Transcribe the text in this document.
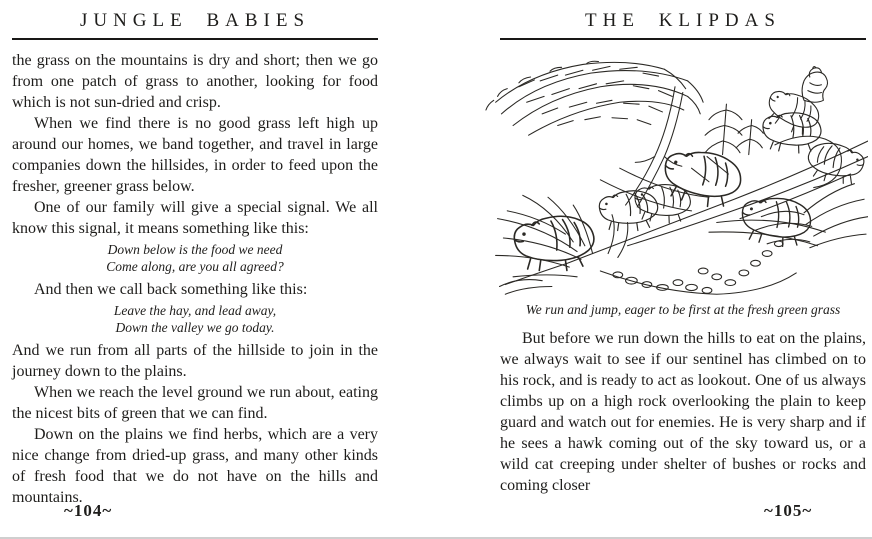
JUNGLE BABIES

the grass on the mountains is dry and short; then we go from one patch of grass to another, looking for food which is not sun-dried and crisp.

When we find there is no good grass left high up around our homes, we band together, and travel in large companies down the hillsides, in order to feed upon the fresher, greener grass below.

One of our family will give a special signal. We all know this signal, it means something like this:

Down below is the food we need
Come along, are you all agreed?

And then we call back something like this:

Leave the hay, and lead away,
Down the valley we go today.

And we run from all parts of the hillside to join in the journey down to the plains.

When we reach the level ground we run about, eating the nicest bits of green that we can find.

Down on the plains we find herbs, which are a very nice change from dried-up grass, and many other kinds of fresh food that we do not have on the hills and mountains.

THE KLIPDAS

We run and jump, eager to be first at the fresh green grass

But before we run down the hills to eat on the plains, we always wait to see if our sentinel has climbed on to his rock, and is ready to act as lookout. One of us always climbs up on a high rock overlooking the plain to keep guard and watch out for enemies. He is very sharp and if he sees a hawk coming out of the sky toward us, or a wild cat creeping under shelter of bushes or rocks and coming closer

~104~	~105~
